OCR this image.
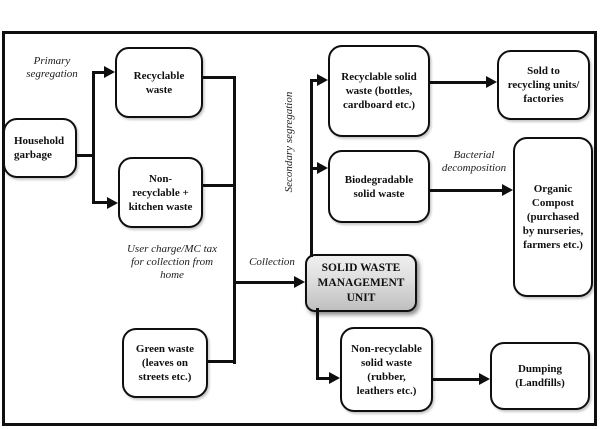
Household garbage
Recyclable waste
Non-recyclable + kitchen waste
Green waste (leaves on streets etc.)
SOLID WASTE MANAGEMENT UNIT
Recyclable solid waste (bottles, cardboard etc.)
Biodegradable solid waste
Non-recyclable solid waste (rubber, leathers etc.)
Sold to recycling units/ factories
Organic Compost (purchased by nurseries, farmers etc.)
Dumping (Landfills)
Primary segregation
Secondary segregation
User charge/MC tax for collection from home
Collection
Bacterial decomposition
